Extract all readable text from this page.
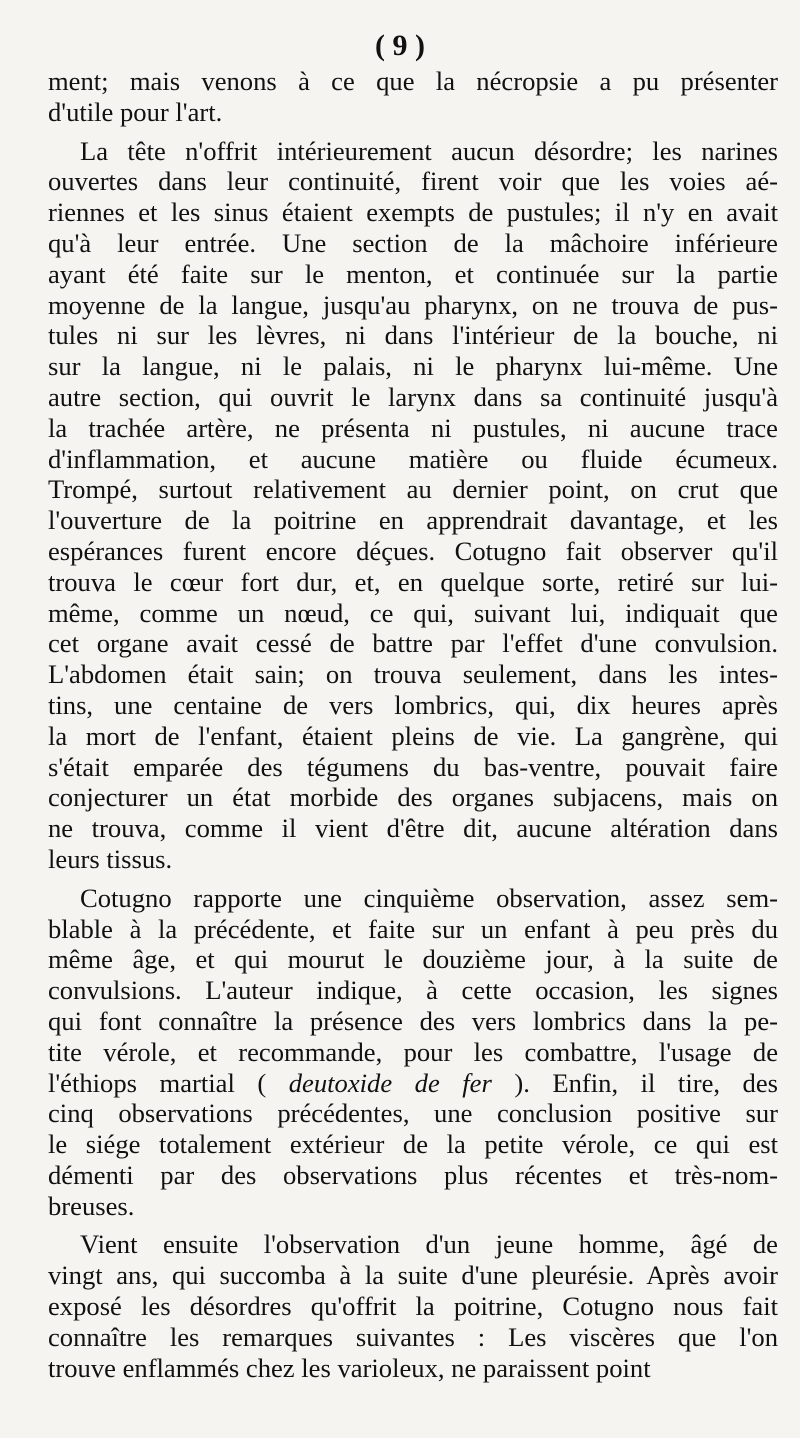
( 9 )
ment; mais venons à ce que la nécropsie a pu présenter
d'utile pour l'art.
La tête n'offrit intérieurement aucun désordre; les narines
ouvertes dans leur continuité, firent voir que les voies aé-
riennes et les sinus étaient exempts de pustules; il n'y en avait
qu'à leur entrée. Une section de la mâchoire inférieure
ayant été faite sur le menton, et continuée sur la partie
moyenne de la langue, jusqu'au pharynx, on ne trouva de pus-
tules ni sur les lèvres, ni dans l'intérieur de la bouche, ni
sur la langue, ni le palais, ni le pharynx lui-même. Une
autre section, qui ouvrit le larynx dans sa continuité jusqu'à
la trachée artère, ne présenta ni pustules, ni aucune trace
d'inflammation, et aucune matière ou fluide écumeux.
Trompé, surtout relativement au dernier point, on crut que
l'ouverture de la poitrine en apprendrait davantage, et les
espérances furent encore déçues. Cotugno fait observer qu'il
trouva le cœur fort dur, et, en quelque sorte, retiré sur lui-
même, comme un nœud, ce qui, suivant lui, indiquait que
cet organe avait cessé de battre par l'effet d'une convulsion.
L'abdomen était sain; on trouva seulement, dans les intes-
tins, une centaine de vers lombrics, qui, dix heures après
la mort de l'enfant, étaient pleins de vie. La gangrène, qui
s'était emparée des tégumens du bas-ventre, pouvait faire
conjecturer un état morbide des organes subjacens, mais on
ne trouva, comme il vient d'être dit, aucune altération dans
leurs tissus.
Cotugno rapporte une cinquième observation, assez sem-
blable à la précédente, et faite sur un enfant à peu près du
même âge, et qui mourut le douzième jour, à la suite de
convulsions. L'auteur indique, à cette occasion, les signes
qui font connaître la présence des vers lombrics dans la pe-
tite vérole, et recommande, pour les combattre, l'usage de
l'éthiops martial ( deutoxide de fer ). Enfin, il tire, des
cinq observations précédentes, une conclusion positive sur
le siége totalement extérieur de la petite vérole, ce qui est
démenti par des observations plus récentes et très-nom-
breuses.
Vient ensuite l'observation d'un jeune homme, âgé de
vingt ans, qui succomba à la suite d'une pleurésie. Après avoir
exposé les désordres qu'offrit la poitrine, Cotugno nous fait
connaître les remarques suivantes : Les viscères que l'on
trouve enflammés chez les varioleux, ne paraissent point
